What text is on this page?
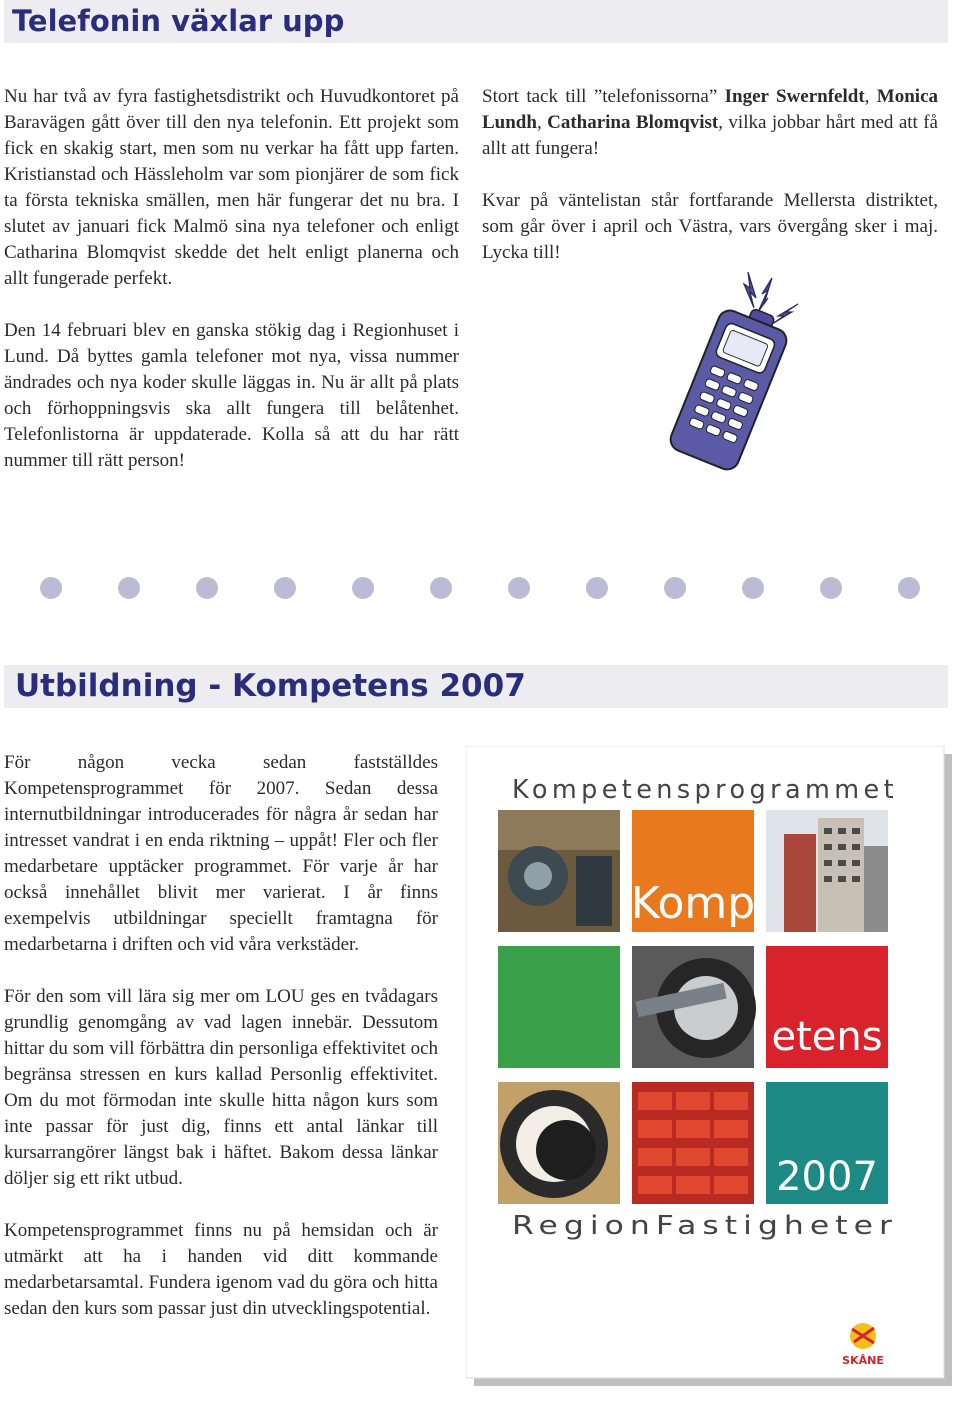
Telefonin växlar upp

Nu har två av fyra fastighetsdistrikt och Huvudkontoret på Baravägen gått över till den nya telefonin. Ett projekt som fick en skakig start, men som nu verkar ha fått upp farten. Kristianstad och Hässleholm var som pionjärer de som fick ta första tekniska smällen, men här fungerar det nu bra. I slutet av januari fick Malmö sina nya telefoner och enligt Catharina Blomqvist skedde det helt enligt planerna och allt fungerade perfekt.

Den 14 februari blev en ganska stökig dag i Regionhuset i Lund. Då byttes gamla telefoner mot nya, vissa nummer ändrades och nya koder skulle läggas in. Nu är allt på plats och förhoppningsvis ska allt fungera till belåtenhet. Telefonlistorna är uppdaterade. Kolla så att du har rätt nummer till rätt person!

Stort tack till ”telefonissorna” Inger Swernfeldt, Monica Lundh, Catharina Blomqvist, vilka jobbar hårt med att få allt att fungera!

Kvar på väntelistan står fortfarande Mellersta distriktet, som går över i april och Västra, vars övergång sker i maj. Lycka till!

Utbildning - Kompetens 2007

För någon vecka sedan fastställdes Kompetensprogrammet för 2007. Sedan dessa internutbildningar introducerades för några år sedan har intresset vandrat i en enda riktning – uppåt! Fler och fler medarbetare upptäcker programmet. För varje år har också innehållet blivit mer varierat. I år finns exempelvis utbildningar speciellt framtagna för medarbetarna i driften och vid våra verkstäder.

För den som vill lära sig mer om LOU ges en tvådagars grundlig genomgång av vad lagen innebär. Dessutom hittar du som vill förbättra din personliga effektivitet och begränsa stressen en kurs kallad Personlig effektivitet. Om du mot förmodan inte skulle hitta någon kurs som inte passar för just dig, finns ett antal länkar till kursarrangörer längst bak i häftet. Bakom dessa länkar döljer sig ett rikt utbud.

Kompetensprogrammet finns nu på hemsidan och är utmärkt att ha i handen vid ditt kommande medarbetarsamtal. Fundera igenom vad du göra och hitta sedan den kurs som passar just din utvecklingspotential.

Kompetensprogrammet
Komp
etens
2007
RegionFastigheter
SKÅNE
